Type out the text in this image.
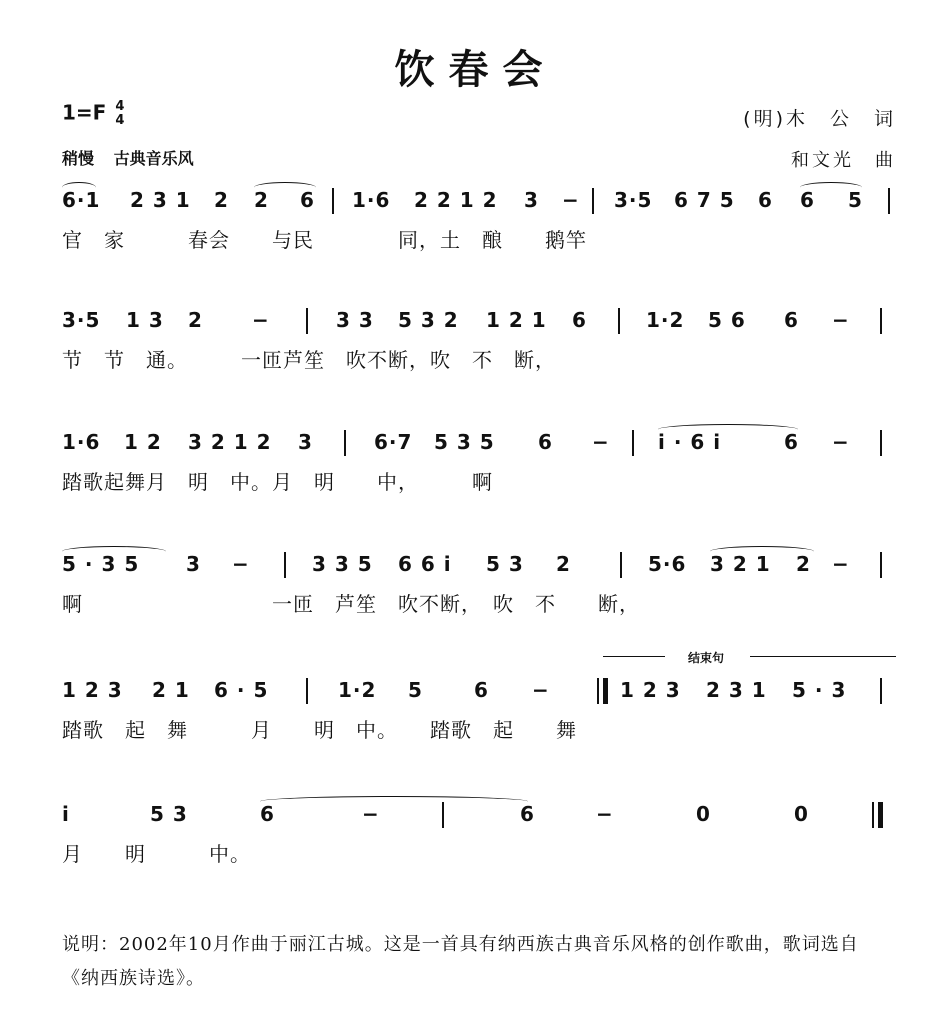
饮春会
1=F 4
4	(明)木　公　词
稍慢 古典音乐风	和文光　曲
6·1 2 3 1 2 2 6 1·6 2 2 1 2 3 − 3·5 6 7 5 6 6 5
官　家　　　春会　　与民　　　　同，土　酿　　鹅竿
3·5 1 3 2 −	3 3 5 3 2 1 2 1 6	1·2 5 6 6 −
节　节　通。　　　一匝芦笙　吹不断，吹　不　断，
1·6 1 2 3 2 1 2 3	6·7 5 3 5 6 − i · 6 i	6 −
踏歌起舞月　明　中。月　明　　中，　　　啊
5 · 3 5 3 −	3 3 5 6 6 i 5 3 2	5·6 3 2 1 2 −
啊　　　　　　　　　一匝　芦笙　吹不断，　吹　不　　断，
结束句
1 2 3 2 1 6 · 5	1·2 5	6 −	1 2 3 2 3 1 5 · 3
踏歌　起　舞　　　月　　明　中。　　踏歌　起　　舞
i	5 3	6	−	6	−	0	0
月　　明　　　中。
说明：2002年10月作曲于丽江古城。这是一首具有纳西族古典音乐风格的创作歌曲，歌词选自《纳西族诗选》。
